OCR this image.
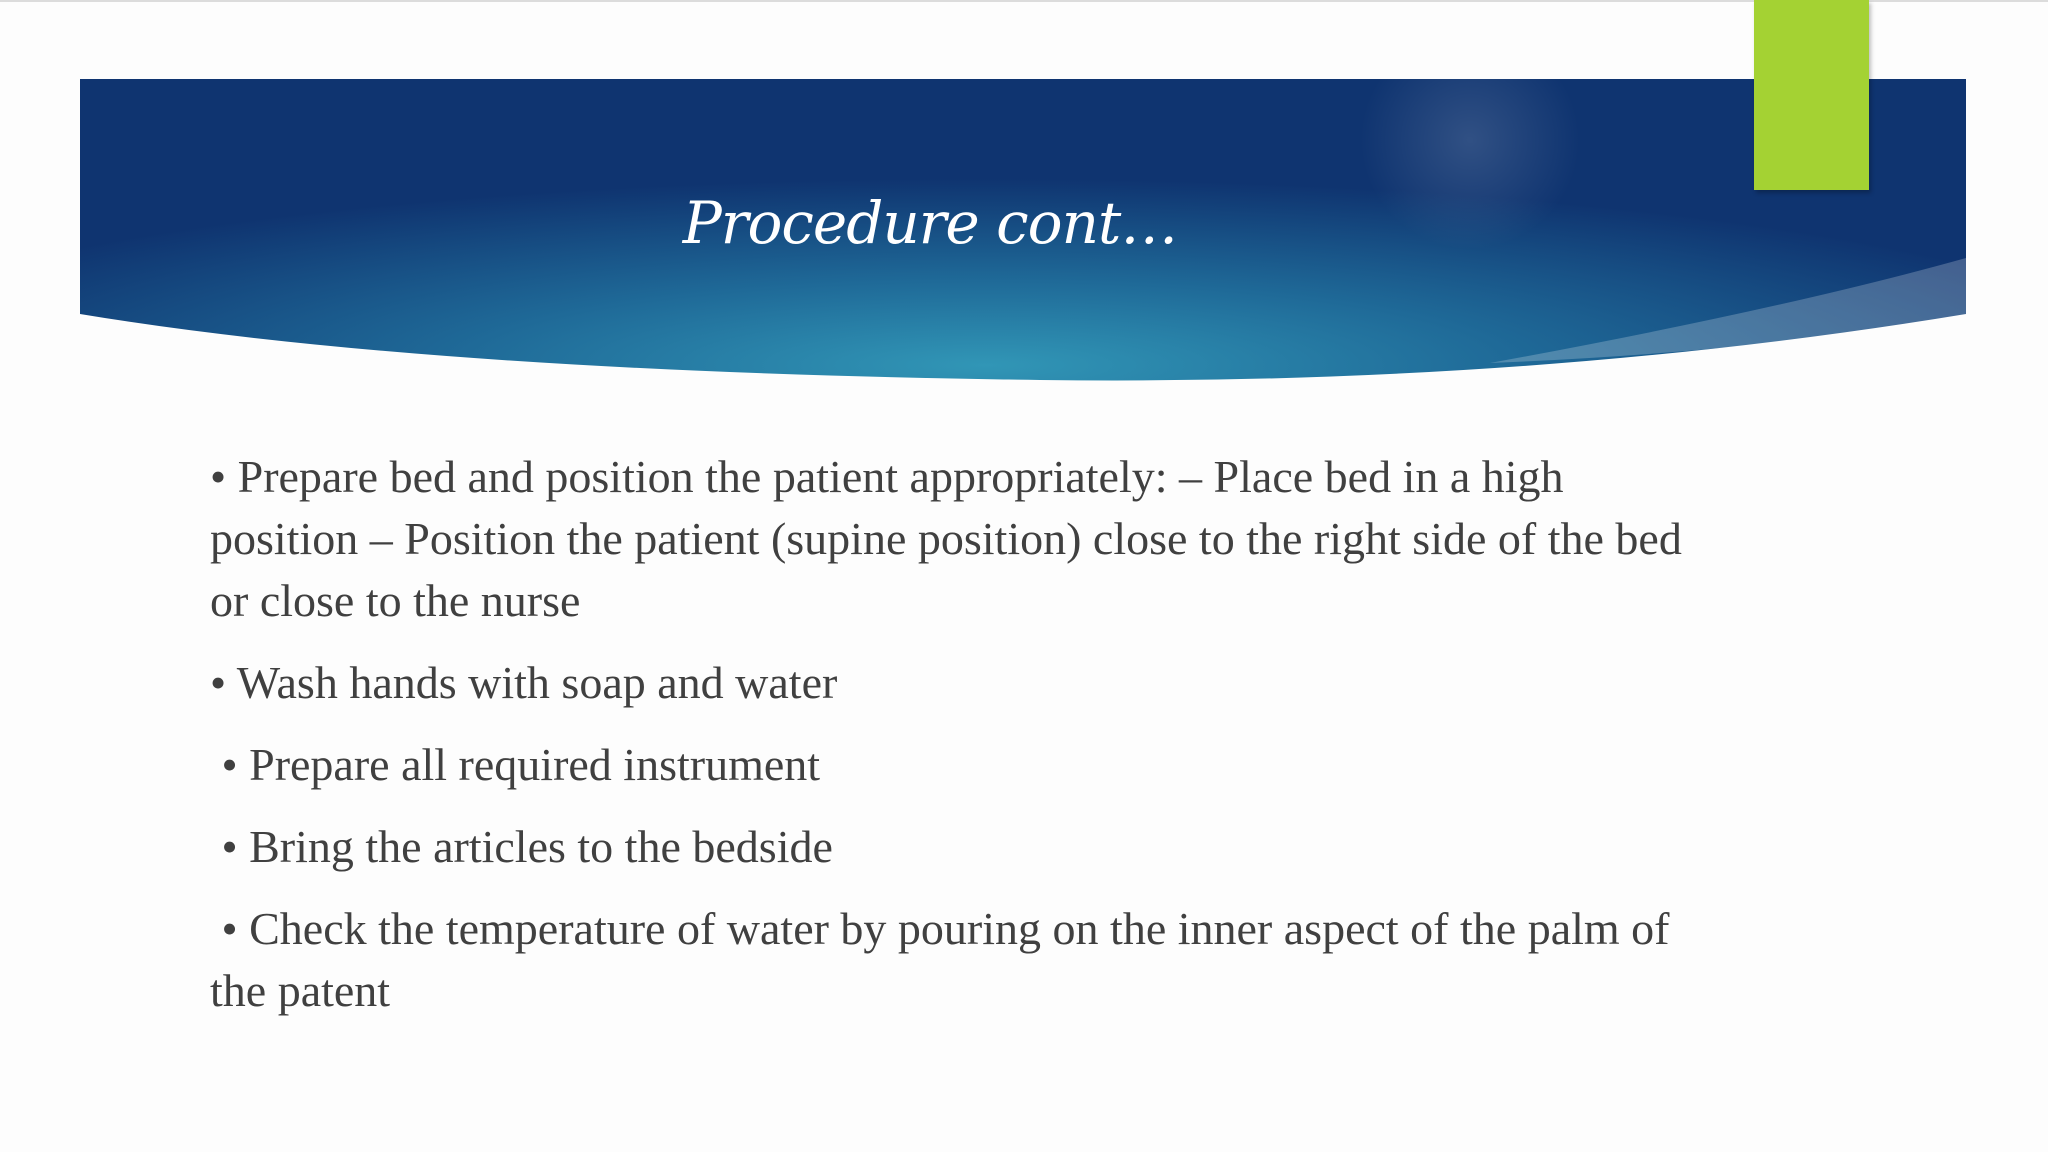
Procedure cont…
• Prepare bed and position the patient appropriately: – Place bed in a high position – Position the patient (supine position) close to the right side of the bed or close to the nurse
• Wash hands with soap and water
• Prepare all required instrument
• Bring the articles to the bedside
• Check the temperature of water by pouring on the inner aspect of the palm of the patent
